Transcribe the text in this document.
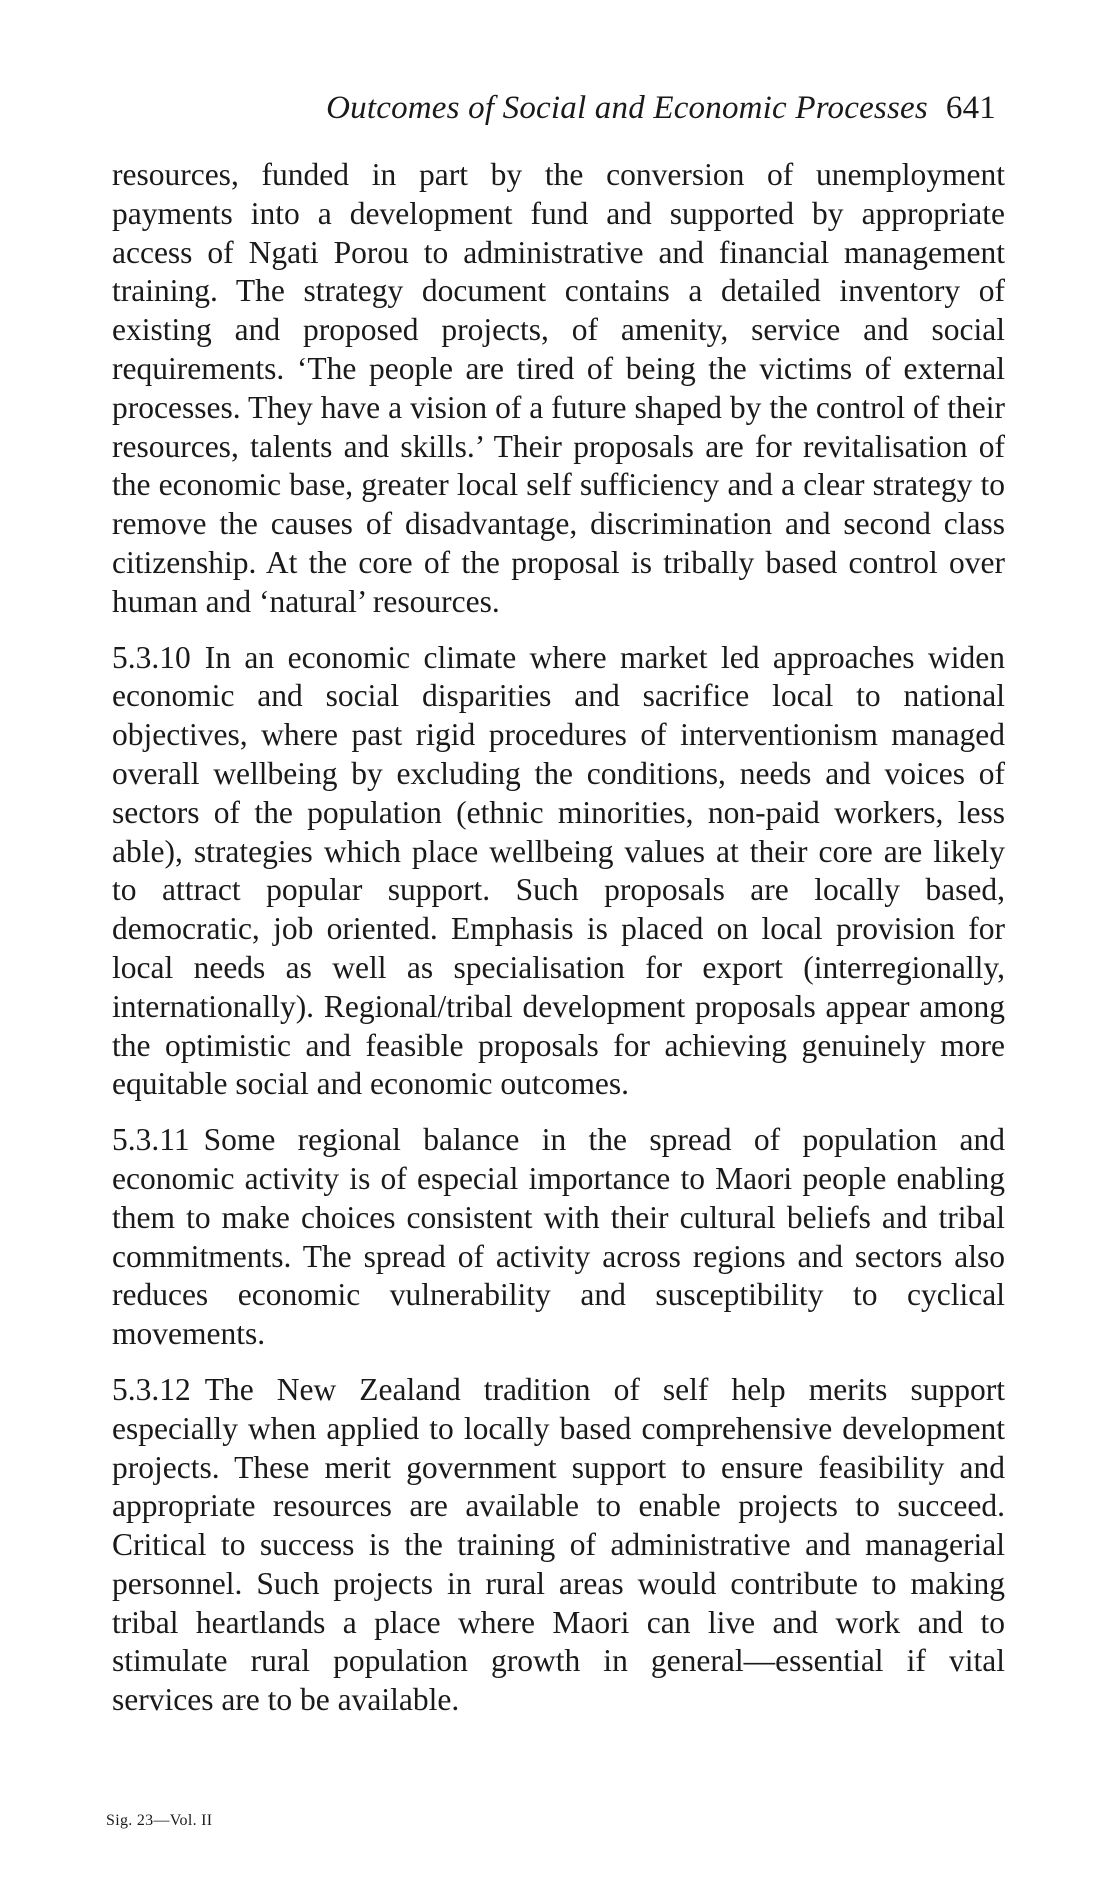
Outcomes of Social and Economic Processes 641

resources, funded in part by the conversion of unemployment payments into a development fund and supported by appropriate access of Ngati Porou to administrative and financial management training. The strategy document contains a detailed inventory of existing and proposed projects, of amenity, service and social requirements. ‘The people are tired of being the victims of external processes. They have a vision of a future shaped by the control of their resources, talents and skills.’ Their proposals are for revitalisation of the economic base, greater local self sufficiency and a clear strategy to remove the causes of disadvantage, discrimination and second class citizenship. At the core of the proposal is tribally based control over human and ‘natural’ resources.

5.3.10 In an economic climate where market led approaches widen economic and social disparities and sacrifice local to national objectives, where past rigid procedures of interventionism managed overall wellbeing by excluding the conditions, needs and voices of sectors of the population (ethnic minorities, non-paid workers, less able), strategies which place wellbeing values at their core are likely to attract popular support. Such proposals are locally based, democratic, job oriented. Emphasis is placed on local provision for local needs as well as specialisation for export (interregionally, internationally). Regional/tribal development proposals appear among the optimistic and feasible proposals for achieving genuinely more equitable social and economic outcomes.

5.3.11 Some regional balance in the spread of population and economic activity is of especial importance to Maori people enabling them to make choices consistent with their cultural beliefs and tribal commitments. The spread of activity across regions and sectors also reduces economic vulnerability and susceptibility to cyclical movements.

5.3.12 The New Zealand tradition of self help merits support especially when applied to locally based comprehensive development projects. These merit government support to ensure feasibility and appropriate resources are available to enable projects to succeed. Critical to success is the training of administrative and managerial personnel. Such projects in rural areas would contribute to making tribal heartlands a place where Maori can live and work and to stimulate rural population growth in general—essential if vital services are to be available.

Sig. 23—Vol. II
